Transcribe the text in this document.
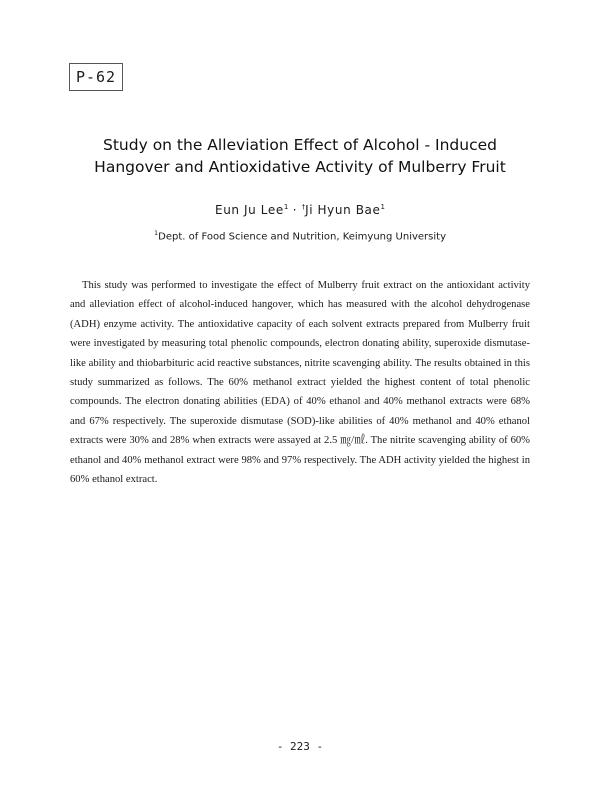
P-62
Study on the Alleviation Effect of Alcohol - Induced
Hangover and Antioxidative Activity of Mulberry Fruit
Eun Ju Lee$^1$ · †Ji Hyun Bae$^1$
$^1$Dept. of Food Science and Nutrition, Keimyung University

This study was performed to investigate the effect of Mulberry fruit extract on the antioxidant activity and alleviation effect of alcohol-induced hangover, which has measured with the alcohol dehydrogenase (ADH) enzyme activity. The antioxidative capacity of each solvent extracts prepared from Mulberry fruit were investigated by measuring total phenolic compounds, electron donating ability, superoxide dismutase-like ability and thiobarbituric acid reactive substances, nitrite scavenging ability. The results obtained in this study summarized as follows. The 60% methanol extract yielded the highest content of total phenolic compounds. The electron donating abilities (EDA) of 40% ethanol and 40% methanol extracts were 68% and 67% respectively. The superoxide dismutase (SOD)-like abilities of 40% methanol and 40% ethanol extracts were 30% and 28% when extracts were assayed at 2.5 ㎎/㎖. The nitrite scavenging ability of 60% ethanol and 40% methanol extract were 98% and 97% respectively. The ADH activity yielded the highest in 60% ethanol extract.

- 223 -
